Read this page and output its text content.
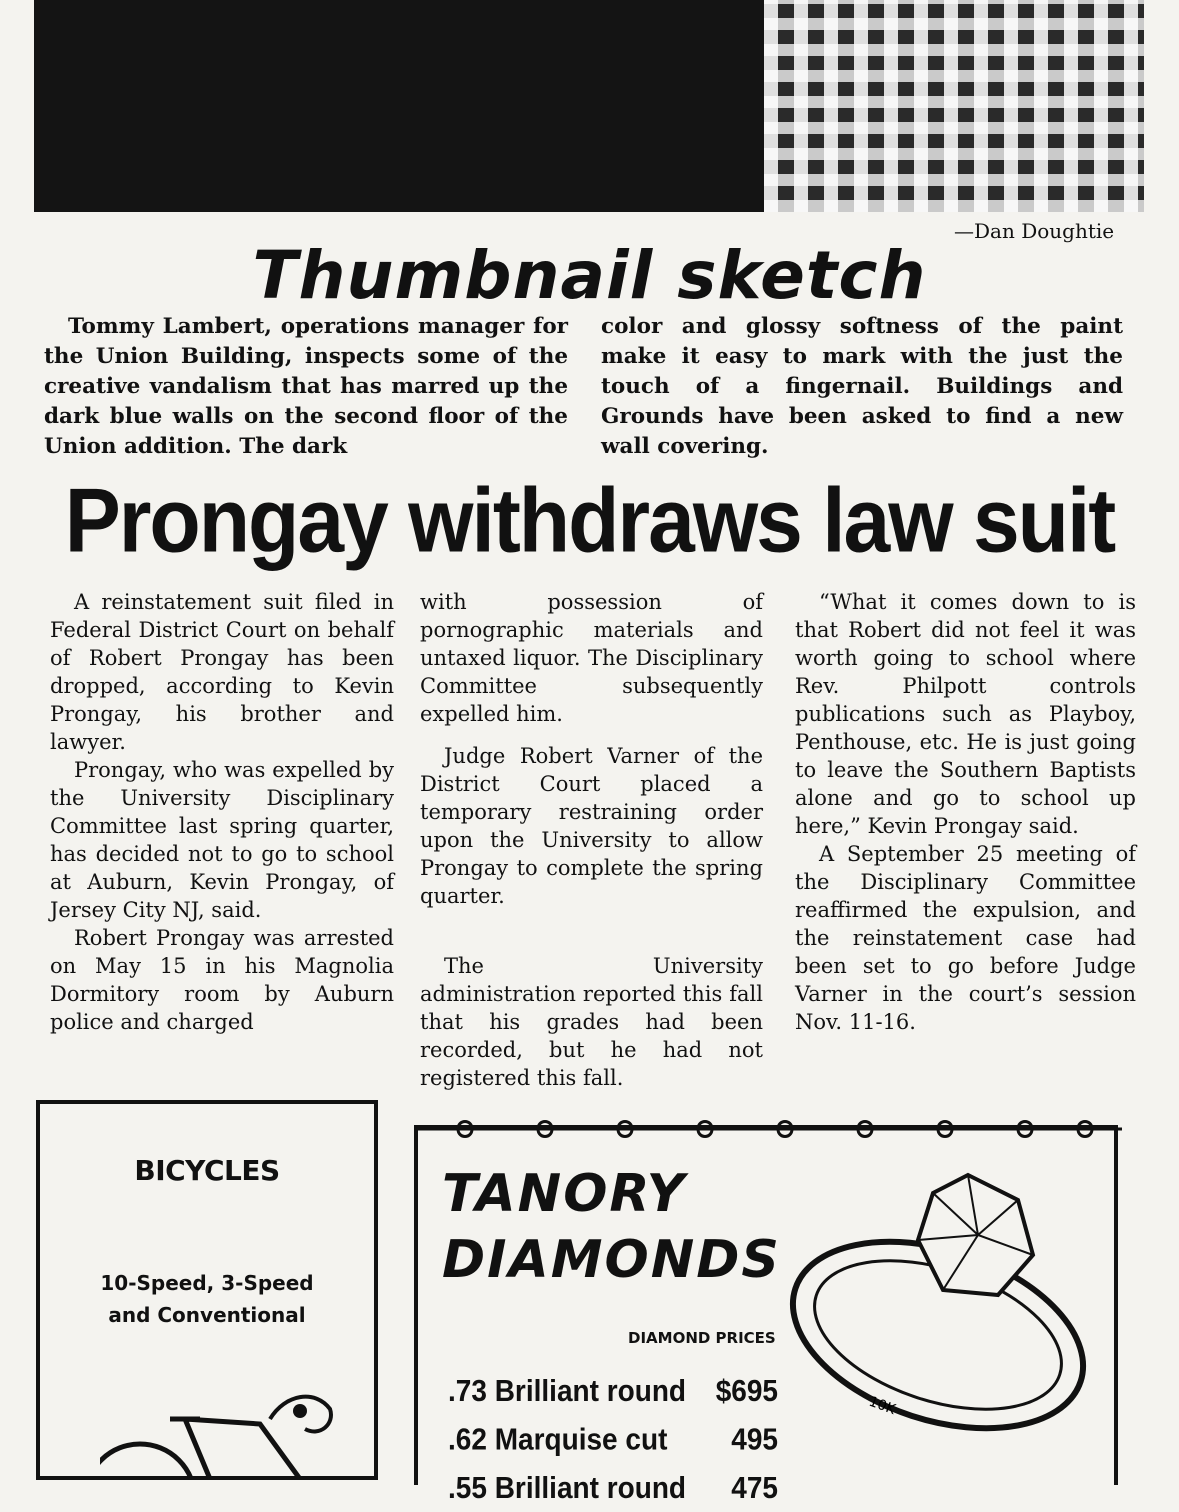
—Dan Doughtie
Thumbnail sketch

Tommy Lambert, operations manager for the Union Building, inspects some of the creative vandalism that has marred up the dark blue walls on the second floor of the Union addition. The dark

color and glossy softness of the paint make it easy to mark with the just the touch of a fingernail. Buildings and Grounds have been asked to find a new wall covering.

Prongay withdraws law suit

A reinstatement suit filed in Federal District Court on behalf of Robert Prongay has been dropped, according to Kevin Prongay, his brother and lawyer.

Prongay, who was expelled by the University Disciplinary Committee last spring quarter, has decided not to go to school at Auburn, Kevin Prongay, of Jersey City NJ, said.

Robert Prongay was arrested on May 15 in his Magnolia Dormitory room by Auburn police and charged

with possession of pornographic materials and untaxed liquor. The Disciplinary Committee subsequently expelled him.

Judge Robert Varner of the District Court placed a temporary restraining order upon the University to allow Prongay to complete the spring quarter.

The University administration reported this fall that his grades had been recorded, but he had not registered this fall.

“What it comes down to is that Robert did not feel it was worth going to school where Rev. Philpott controls publications such as Playboy, Penthouse, etc. He is just going to leave the Southern Baptists alone and go to school up here,” Kevin Prongay said.

A September 25 meeting of the Disciplinary Committee reaffirmed the expulsion, and the reinstatement case had been set to go before Judge Varner in the court’s session Nov. 11-16.

BICYCLES
10-Speed, 3-Speed
and Conventional
TANORY
DIAMONDS
DIAMOND PRICES
.73 Brilliant round $695
.62 Marquise cut 495
.55 Brilliant round 475
10K
